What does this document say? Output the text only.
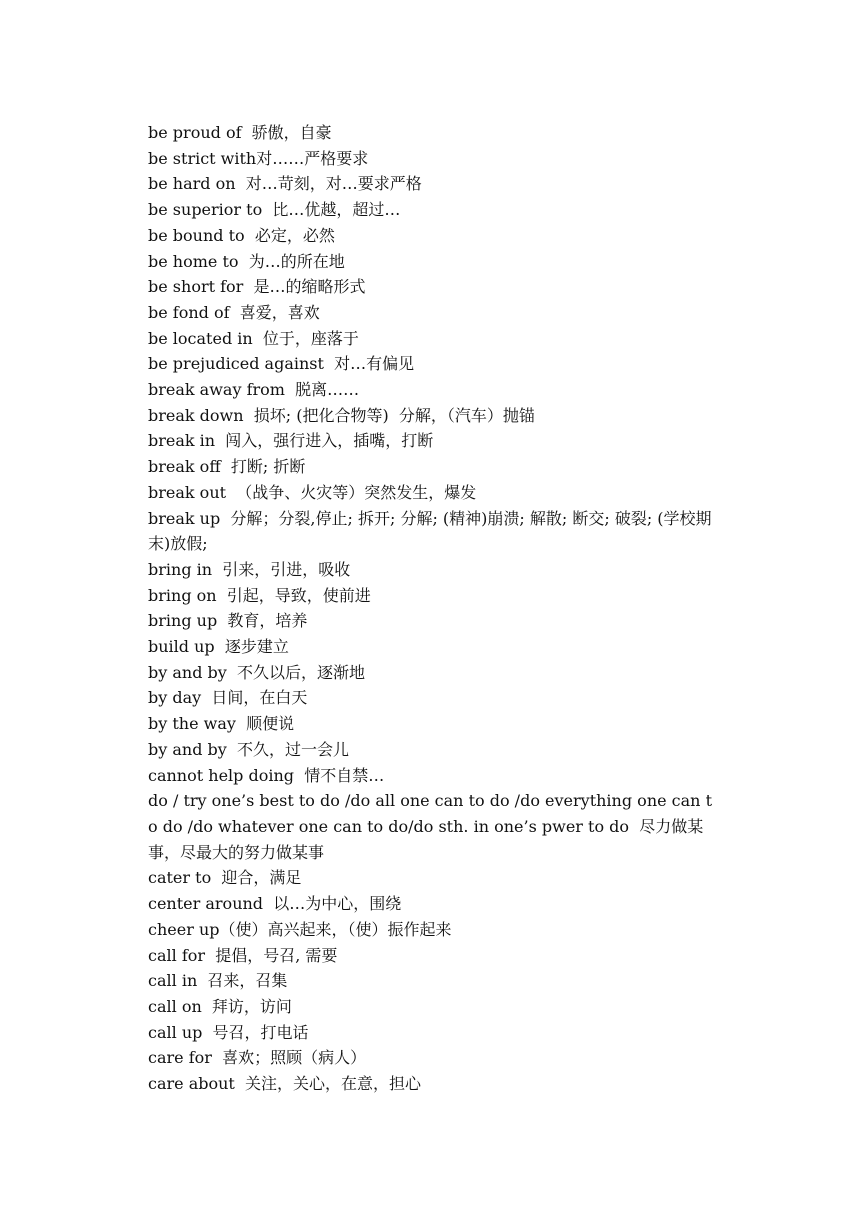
be proud of  骄傲，自豪
be strict with对……严格要求
be hard on  对…苛刻，对…要求严格
be superior to  比…优越，超过…
be bound to  必定，必然
be home to  为…的所在地
be short for  是…的缩略形式
be fond of  喜爱，喜欢
be located in  位于，座落于
be prejudiced against  对…有偏见
break away from  脱离……
break down  损坏; (把化合物等)  分解，（汽车）抛锚
break in  闯入，强行进入，插嘴，打断
break off  打断; 折断
break out  （战争、火灾等）突然发生，爆发
break up  分解；分裂,停止; 拆开; 分解; (精神)崩溃; 解散; 断交; 破裂; (学校期末)放假;
bring in  引来，引进，吸收
bring on  引起，导致，使前进
bring up  教育，培养
build up  逐步建立
by and by  不久以后，逐渐地
by day  日间，在白天
by the way  顺便说
by and by  不久，过一会儿
cannot help doing  情不自禁…
do / try one’s best to do /do all one can to do /do everything one can to do /do whatever one can to do/do sth. in one’s pwer to do  尽力做某事，尽最大的努力做某事
cater to  迎合，满足
center around  以…为中心，围绕
cheer up（使）高兴起来，（使）振作起来
call for  提倡，号召, 需要
call in  召来，召集
call on  拜访，访问
call up  号召，打电话
care for  喜欢；照顾（病人）
care about  关注，关心，在意，担心
